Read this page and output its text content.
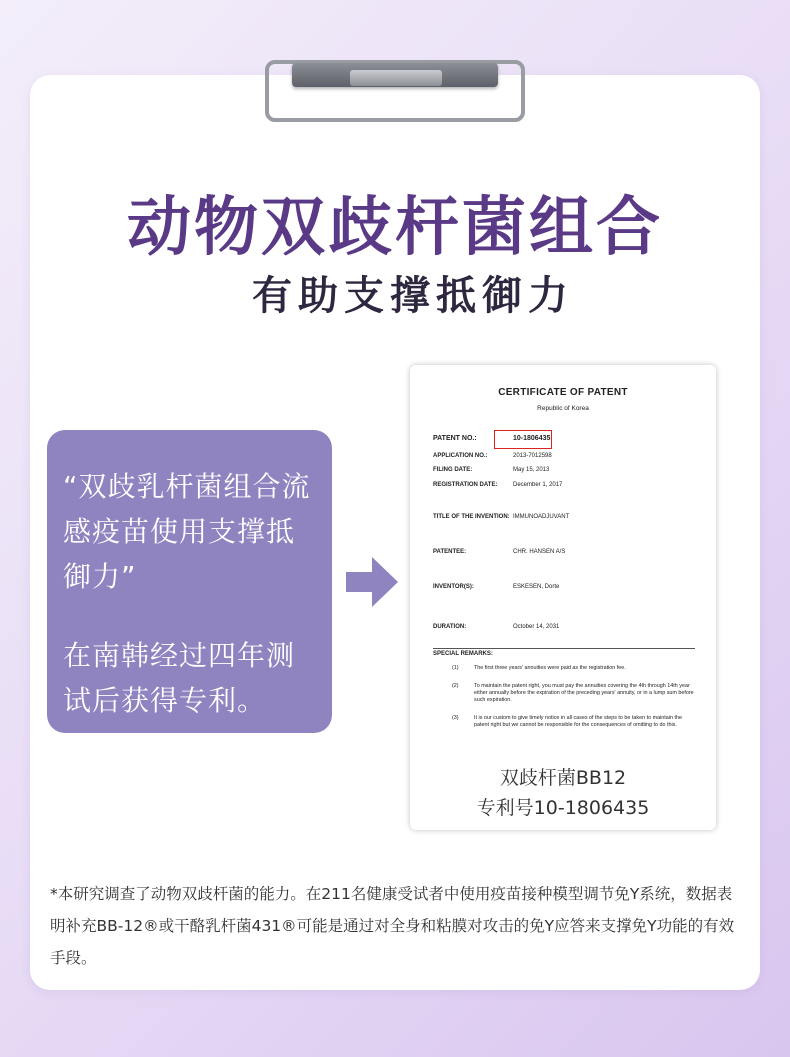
动物双歧杆菌组合
有助支撑抵御力

“双歧乳杆菌组合流感疫苗使用支撑抵御力”

在南韩经过四年测试后获得专利。

CERTIFICATE OF PATENT

Republic of Korea

PATENT NO.:	10-1806435
APPLICATION NO.:	2013-7012598
FILING DATE:	May 15, 2013
REGISTRATION DATE:	December 1, 2017
TITLE OF THE INVENTION: IMMUNOADJUVANT
PATENTEE:	CHR. HANSEN A/S
INVENTOR(S):	ESKESEN, Dorte
DURATION:	October 14, 2031

SPECIAL REMARKS:

(1)	The first three years' annuities were paid as the registration fee.
(2)	To maintain the patent right, you must pay the annuities covering the 4th through 14th year either annually before the expiration of the preceding years' annuity, or in a lump sum before such expiration.
(3)	It is our custom to give timely notice in all cases of the steps to be taken to maintain the patent right but we cannot be responsible for the consequences of omitting to do this.

双歧杆菌BB12

专利号10-1806435

*本研究调查了动物双歧杆菌的能力。在211名健康受试者中使用疫苗接种模型调节免Y系统，数据表明补充BB-12®或干酪乳杆菌431®可能是通过对全身和粘膜对攻击的免Y应答来支撑免Y功能的有效手段。
